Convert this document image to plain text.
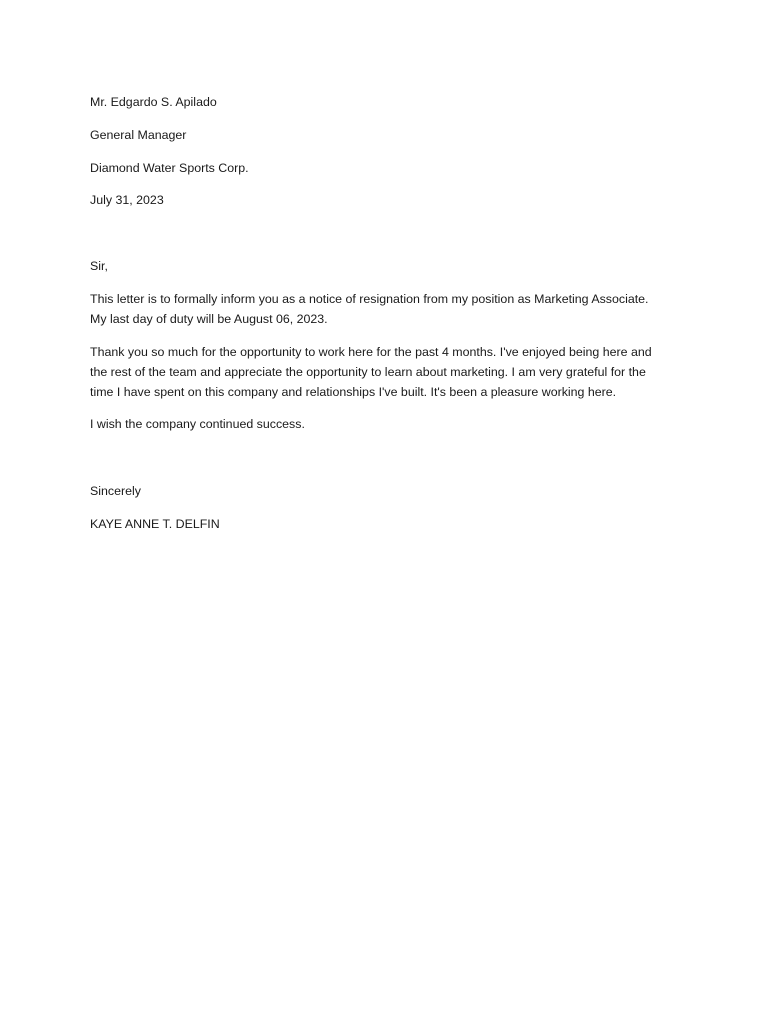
Mr. Edgardo S. Apilado

General Manager

Diamond Water Sports Corp.

July 31, 2023

Sir,

This letter is to formally inform you as a notice of resignation from my position as Marketing Associate.
My last day of duty will be August 06, 2023.
Thank you so much for the opportunity to work here for the past 4 months. I've enjoyed being here and
the rest of the team and appreciate the opportunity to learn about marketing. I am very grateful for the
time I have spent on this company and relationships I've built. It's been a pleasure working here.
I wish the company continued success.

Sincerely

KAYE ANNE T. DELFIN
